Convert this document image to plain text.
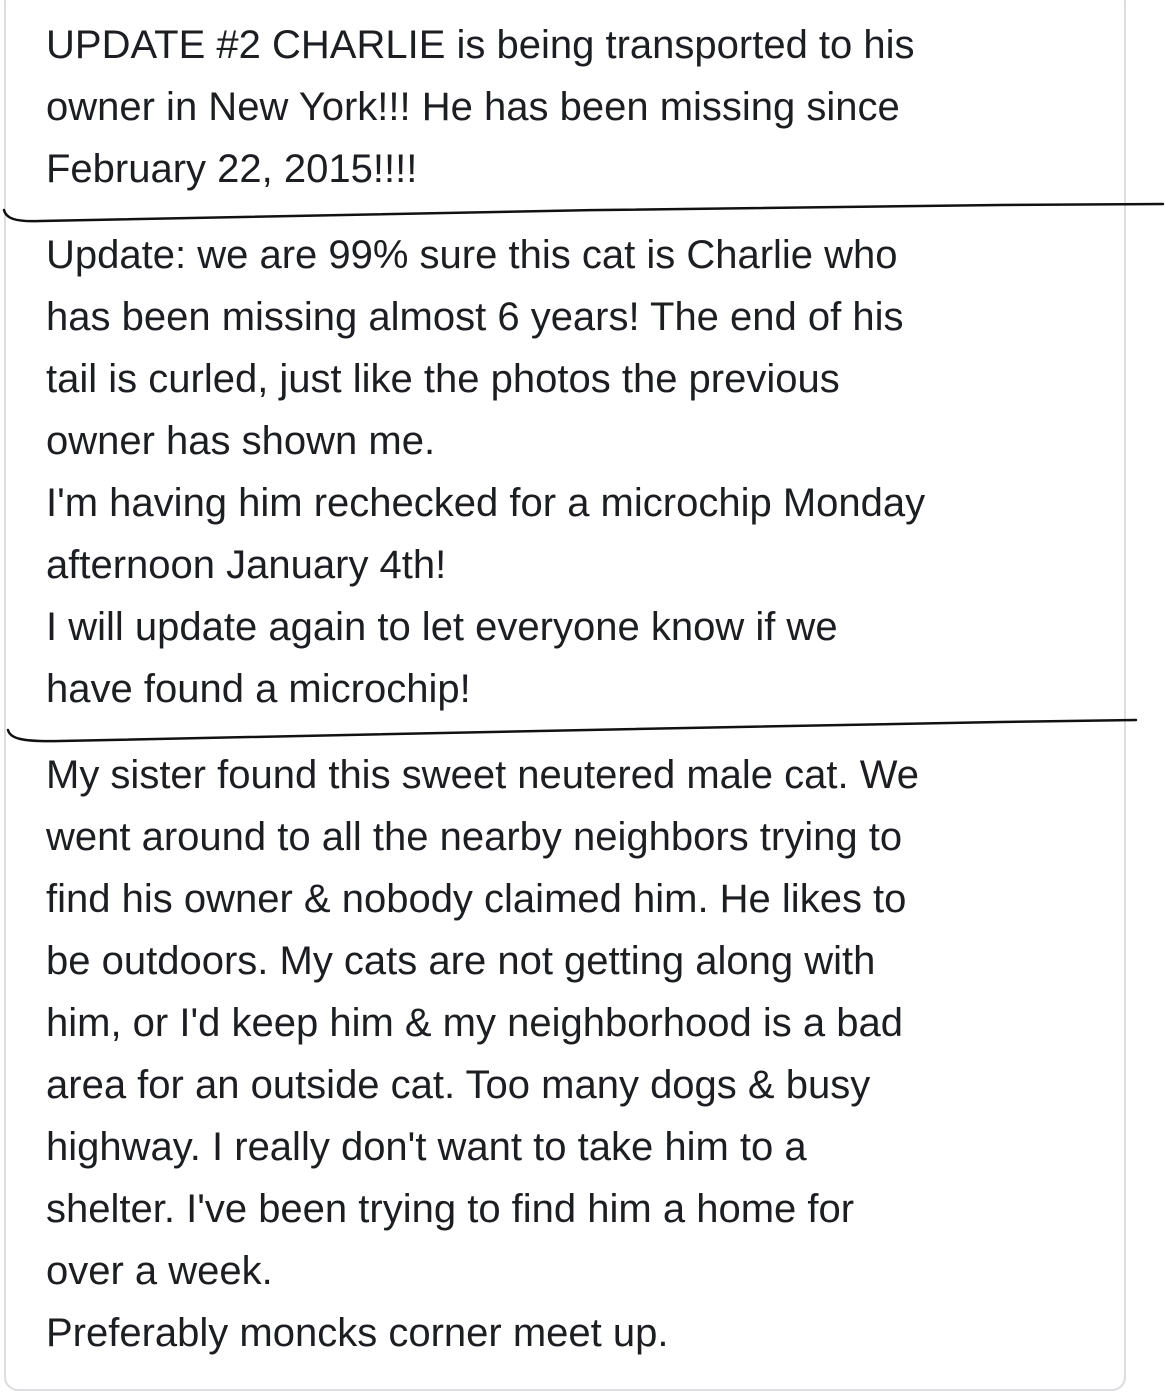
UPDATE #2 CHARLIE is being transported to his

owner in New York!!! He has been missing since

February 22, 2015!!!!

Update: we are 99% sure this cat is Charlie who

has been missing almost 6 years! The end of his

tail is curled, just like the photos the previous

owner has shown me.

I'm having him rechecked for a microchip Monday

afternoon January 4th!

I will update again to let everyone know if we

have found a microchip!

My sister found this sweet neutered male cat. We

went around to all the nearby neighbors trying to

find his owner & nobody claimed him. He likes to

be outdoors. My cats are not getting along with

him, or I'd keep him & my neighborhood is a bad

area for an outside cat. Too many dogs & busy

highway. I really don't want to take him to a

shelter. I've been trying to find him a home for

over a week.

Preferably moncks corner meet up.
